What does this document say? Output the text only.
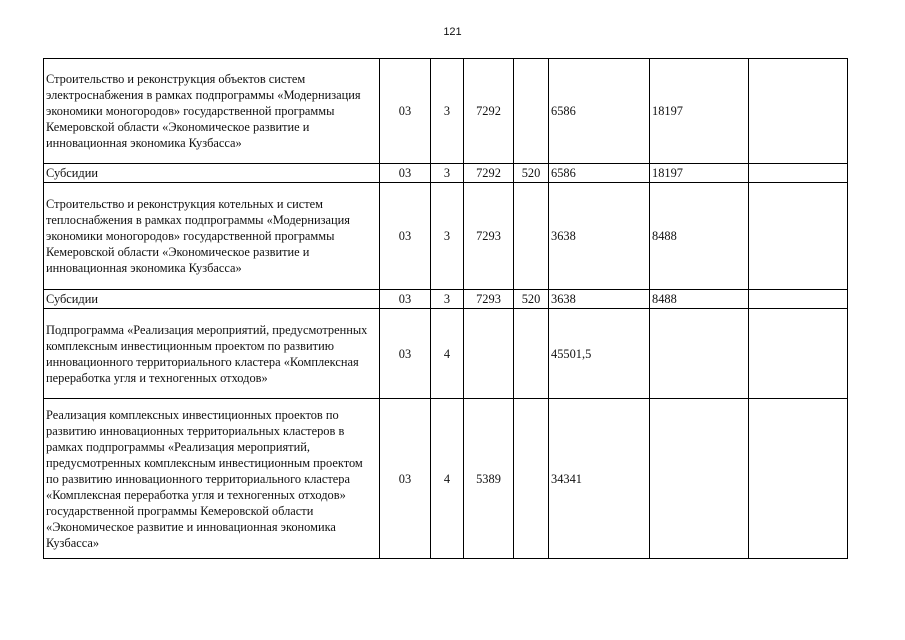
121
Строительство и реконструкция объектов систем электроснабжения в рамках подпрограммы «Модернизация экономики моногородов» государственной программы Кемеровской области «Экономическое развитие и инновационная экономика Кузбасса»	03	3	7292		6586	18197	
Субсидии	03	3	7292	520	6586	18197	
Строительство и реконструкция котельных и систем теплоснабжения в рамках подпрограммы «Модернизация экономики моногородов» государственной программы Кемеровской области «Экономическое развитие и инновационная экономика Кузбасса»	03	3	7293		3638	8488	
Субсидии	03	3	7293	520	3638	8488	
Подпрограмма «Реализация мероприятий, предусмотренных комплексным инвестиционным проектом по развитию инновационного территориального кластера «Комплексная переработка угля и техногенных отходов»	03	4			45501,5		
Реализация комплексных инвестиционных проектов по развитию инновационных территориальных кластеров в рамках подпрограммы «Реализация мероприятий, предусмотренных комплексным инвестиционным проектом по развитию инновационного территориального кластера «Комплексная переработка угля и техногенных отходов» государственной программы Кемеровской области «Экономическое развитие и инновационная экономика Кузбасса»	03	4	5389		34341		
